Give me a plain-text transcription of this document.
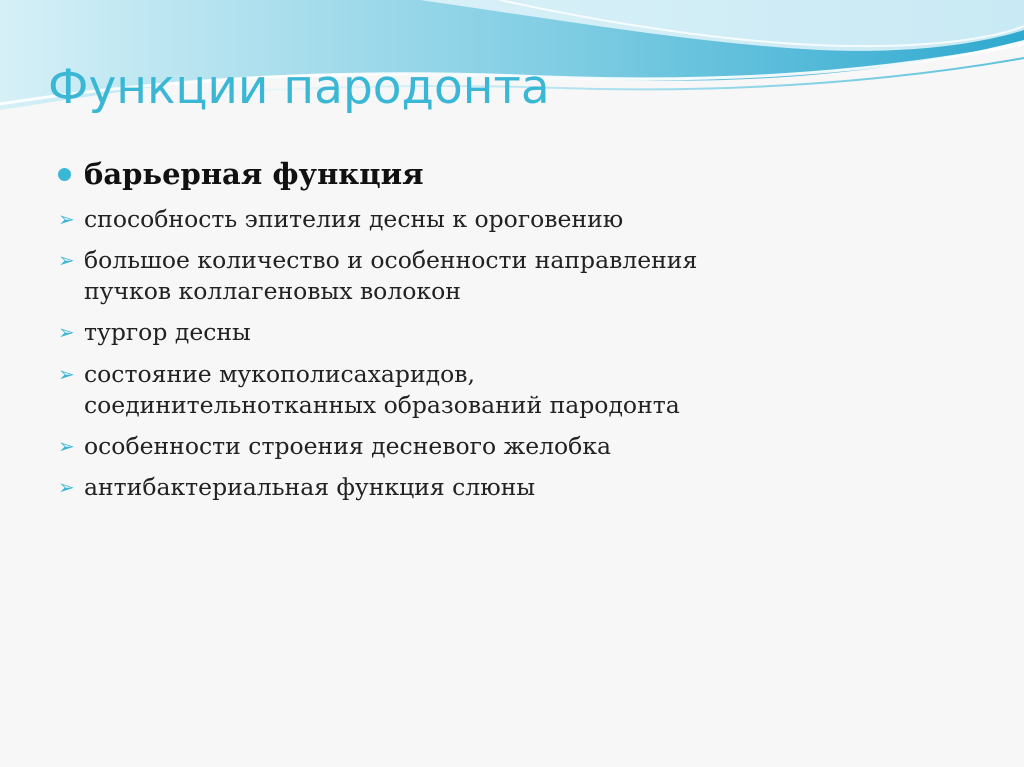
Функции пародонта
барьерная функция
➢ способность эпителия десны к ороговению
➢ большое количество и особенности направления
пучков коллагеновых волокон
➢ тургор десны
➢ состояние мукополисахаридов,
соединительнотканных образований пародонта
➢ особенности строения десневого желобка
➢ антибактериальная функция слюны
